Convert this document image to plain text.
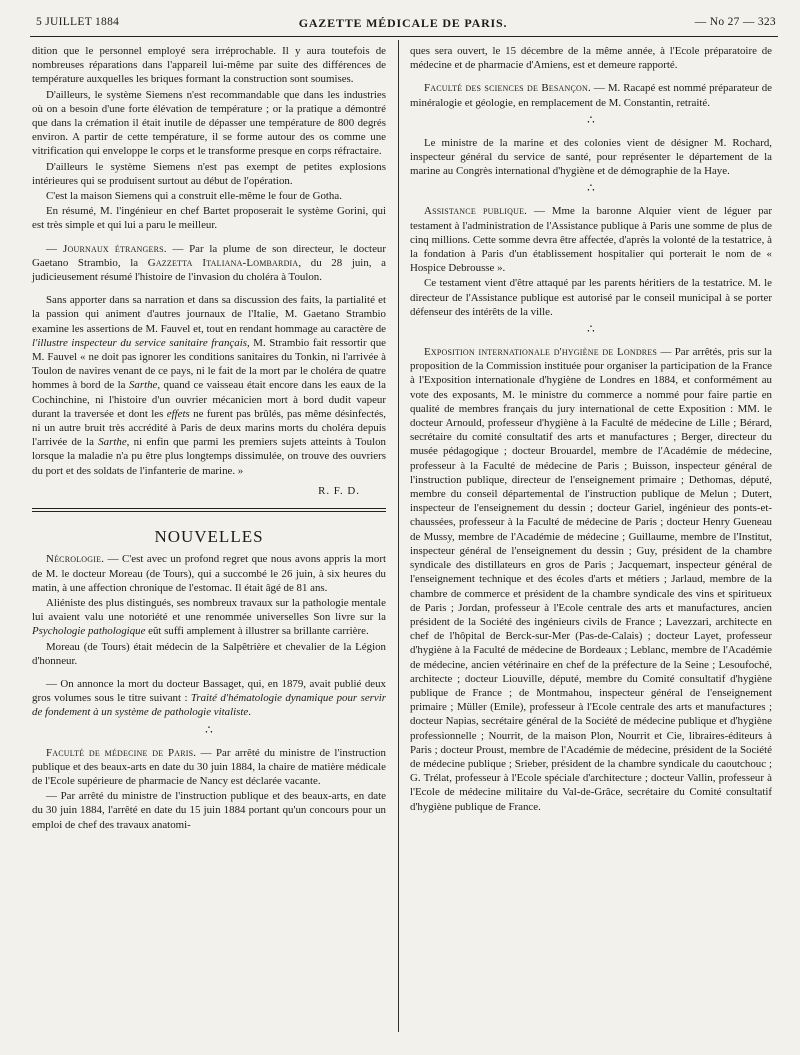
5 JUILLET 1884	GAZETTE MÉDICALE DE PARIS.	— No 27 — 323

dition que le personnel employé sera irréprochable. Il y aura toutefois de nombreuses réparations dans l'appareil lui-même par suite des différences de température auxquelles les briques formant la construction sont soumises.

D'ailleurs, le système Siemens n'est recommandable que dans les industries où on a besoin d'une forte élévation de température ; or la pratique a démontré que dans la crémation il était inutile de dépasser une température de 800 degrés environ. A partir de cette température, il se forme autour des os comme une vitrification qui enveloppe le corps et le transforme presque en corps réfractaire.

D'ailleurs le système Siemens n'est pas exempt de petites explosions intérieures qui se produisent surtout au début de l'opération.

C'est la maison Siemens qui a construit elle-même le four de Gotha.

En résumé, M. l'ingénieur en chef Bartet proposerait le système Gorini, qui est très simple et qui lui a paru le meilleur.

— Journaux étrangers. — Par la plume de son directeur, le docteur Gaetano Strambio, la Gazzetta Italiana-Lombardia, du 28 juin, a judicieusement résumé l'histoire de l'invasion du choléra à Toulon.

Sans apporter dans sa narration et dans sa discussion des faits, la partialité et la passion qui animent d'autres journaux de l'Italie, M. Gaetano Strambio examine les assertions de M. Fauvel et, tout en rendant hommage au caractère de l'illustre inspecteur du service sanitaire français, M. Strambio fait ressortir que M. Fauvel « ne doit pas ignorer les conditions sanitaires du Tonkin, ni l'arrivée à Toulon de navires venant de ce pays, ni le fait de la mort par le choléra de quatre hommes à bord de la Sarthe, quand ce vaisseau était encore dans les eaux de la Cochinchine, ni l'histoire d'un ouvrier mécanicien mort à bord dudit vapeur durant la traversée et dont les effets ne furent pas brûlés, pas même désinfectés, ni un autre bruit très accrédité à Paris de deux marins morts du choléra depuis l'arrivée de la Sarthe, ni enfin que parmi les premiers sujets atteints à Toulon lorsque la maladie n'a pu être plus longtemps dissimulée, on trouve des ouvriers du port et des soldats de l'infanterie de marine. »

R. F. D.
NOUVELLES

Nécrologie. — C'est avec un profond regret que nous avons appris la mort de M. le docteur Moreau (de Tours), qui a succombé le 26 juin, à six heures du matin, à une affection chronique de l'estomac. Il était âgé de 81 ans.

Aliéniste des plus distingués, ses nombreux travaux sur la pathologie mentale lui avaient valu une notoriété et une renommée universelles Son livre sur la Psychologie pathologique eût suffi amplement à illustrer sa brillante carrière.

Moreau (de Tours) était médecin de la Salpêtrière et chevalier de la Légion d'honneur.

— On annonce la mort du docteur Bassaget, qui, en 1879, avait publié deux gros volumes sous le titre suivant : Traité d'hématologie dynamique pour servir de fondement à un système de pathologie vitaliste.

∴

Faculté de médecine de Paris. — Par arrêté du ministre de l'instruction publique et des beaux-arts en date du 30 juin 1884, la chaire de matière médicale de l'Ecole supérieure de pharmacie de Nancy est déclarée vacante.

— Par arrêté du ministre de l'instruction publique et des beaux-arts, en date du 30 juin 1884, l'arrêté en date du 15 juin 1884 portant qu'un concours pour un emploi de chef des travaux anatomi-

ques sera ouvert, le 15 décembre de la même année, à l'Ecole préparatoire de médecine et de pharmacie d'Amiens, est et demeure rapporté.

Faculté des sciences de Besançon. — M. Racapé est nommé préparateur de minéralogie et géologie, en remplacement de M. Constantin, retraité.

∴

Le ministre de la marine et des colonies vient de désigner M. Rochard, inspecteur général du service de santé, pour représenter le département de la marine au Congrès international d'hygiène et de démographie de la Haye.

∴

Assistance publique. — Mme la baronne Alquier vient de léguer par testament à l'administration de l'Assistance publique à Paris une somme de plus de cinq millions. Cette somme devra être affectée, d'après la volonté de la testatrice, à la fondation à Paris d'un établissement hospitalier qui porterait le nom de « Hospice Debrousse ».

Ce testament vient d'être attaqué par les parents héritiers de la testatrice. M. le directeur de l'Assistance publique est autorisé par le conseil municipal à se porter défenseur des intérêts de la ville.

∴

Exposition internationale d'hygiène de Londres — Par arrêtés, pris sur la proposition de la Commission instituée pour organiser la participation de la France à l'Exposition internationale d'hygiène de Londres en 1884, et conformément au vote des exposants, M. le ministre du commerce a nommé pour faire partie en qualité de membres français du jury international de cette Exposition : MM. le docteur Arnould, professeur d'hygiène à la Faculté de médecine de Lille ; Bérard, secrétaire du comité consultatif des arts et manufactures ; Berger, directeur du musée pédagogique ; docteur Brouardel, membre de l'Académie de médecine, professeur à la Faculté de médecine de Paris ; Buisson, inspecteur général de l'instruction publique, directeur de l'enseignement primaire ; Dethomas, député, membre du conseil départemental de l'instruction publique de Melun ; Dutert, inspecteur de l'enseignement du dessin ; docteur Gariel, ingénieur des ponts-et-chaussées, professeur à la Faculté de médecine de Paris ; docteur Henry Gueneau de Mussy, membre de l'Académie de médecine ; Guillaume, membre de l'Institut, inspecteur général de l'enseignement du dessin ; Guy, président de la chambre syndicale des distillateurs en gros de Paris ; Jacquemart, inspecteur général de l'enseignement technique et des écoles d'arts et métiers ; Jarlaud, membre de la chambre de commerce et président de la chambre syndicale des vins et spiritueux de Paris ; Jordan, professeur à l'Ecole centrale des arts et manufactures, ancien président de la Société des ingénieurs civils de France ; Lavezzari, architecte en chef de l'hôpital de Berck-sur-Mer (Pas-de-Calais) ; docteur Layet, professeur d'hygiène à la Faculté de médecine de Bordeaux ; Leblanc, membre de l'Académie de médecine, ancien vétérinaire en chef de la préfecture de la Seine ; Lesoufoché, architecte ; docteur Liouville, député, membre du Comité consultatif d'hygiène publique de France ; de Montmahou, inspecteur général de l'enseignement primaire ; Müller (Emile), professeur à l'Ecole centrale des arts et manufactures ; docteur Napias, secrétaire général de la Société de médecine publique et d'hygiène professionnelle ; Nourrit, de la maison Plon, Nourrit et Cie, libraires-éditeurs à Paris ; docteur Proust, membre de l'Académie de médecine, président de la Société de médecine publique ; Srieber, président de la chambre syndicale du caoutchouc ; G. Trélat, professeur à l'Ecole spéciale d'architecture ; docteur Vallin, professeur à l'Ecole de médecine militaire du Val-de-Grâce, secrétaire du Comité consultatif d'hygiène publique de France.
